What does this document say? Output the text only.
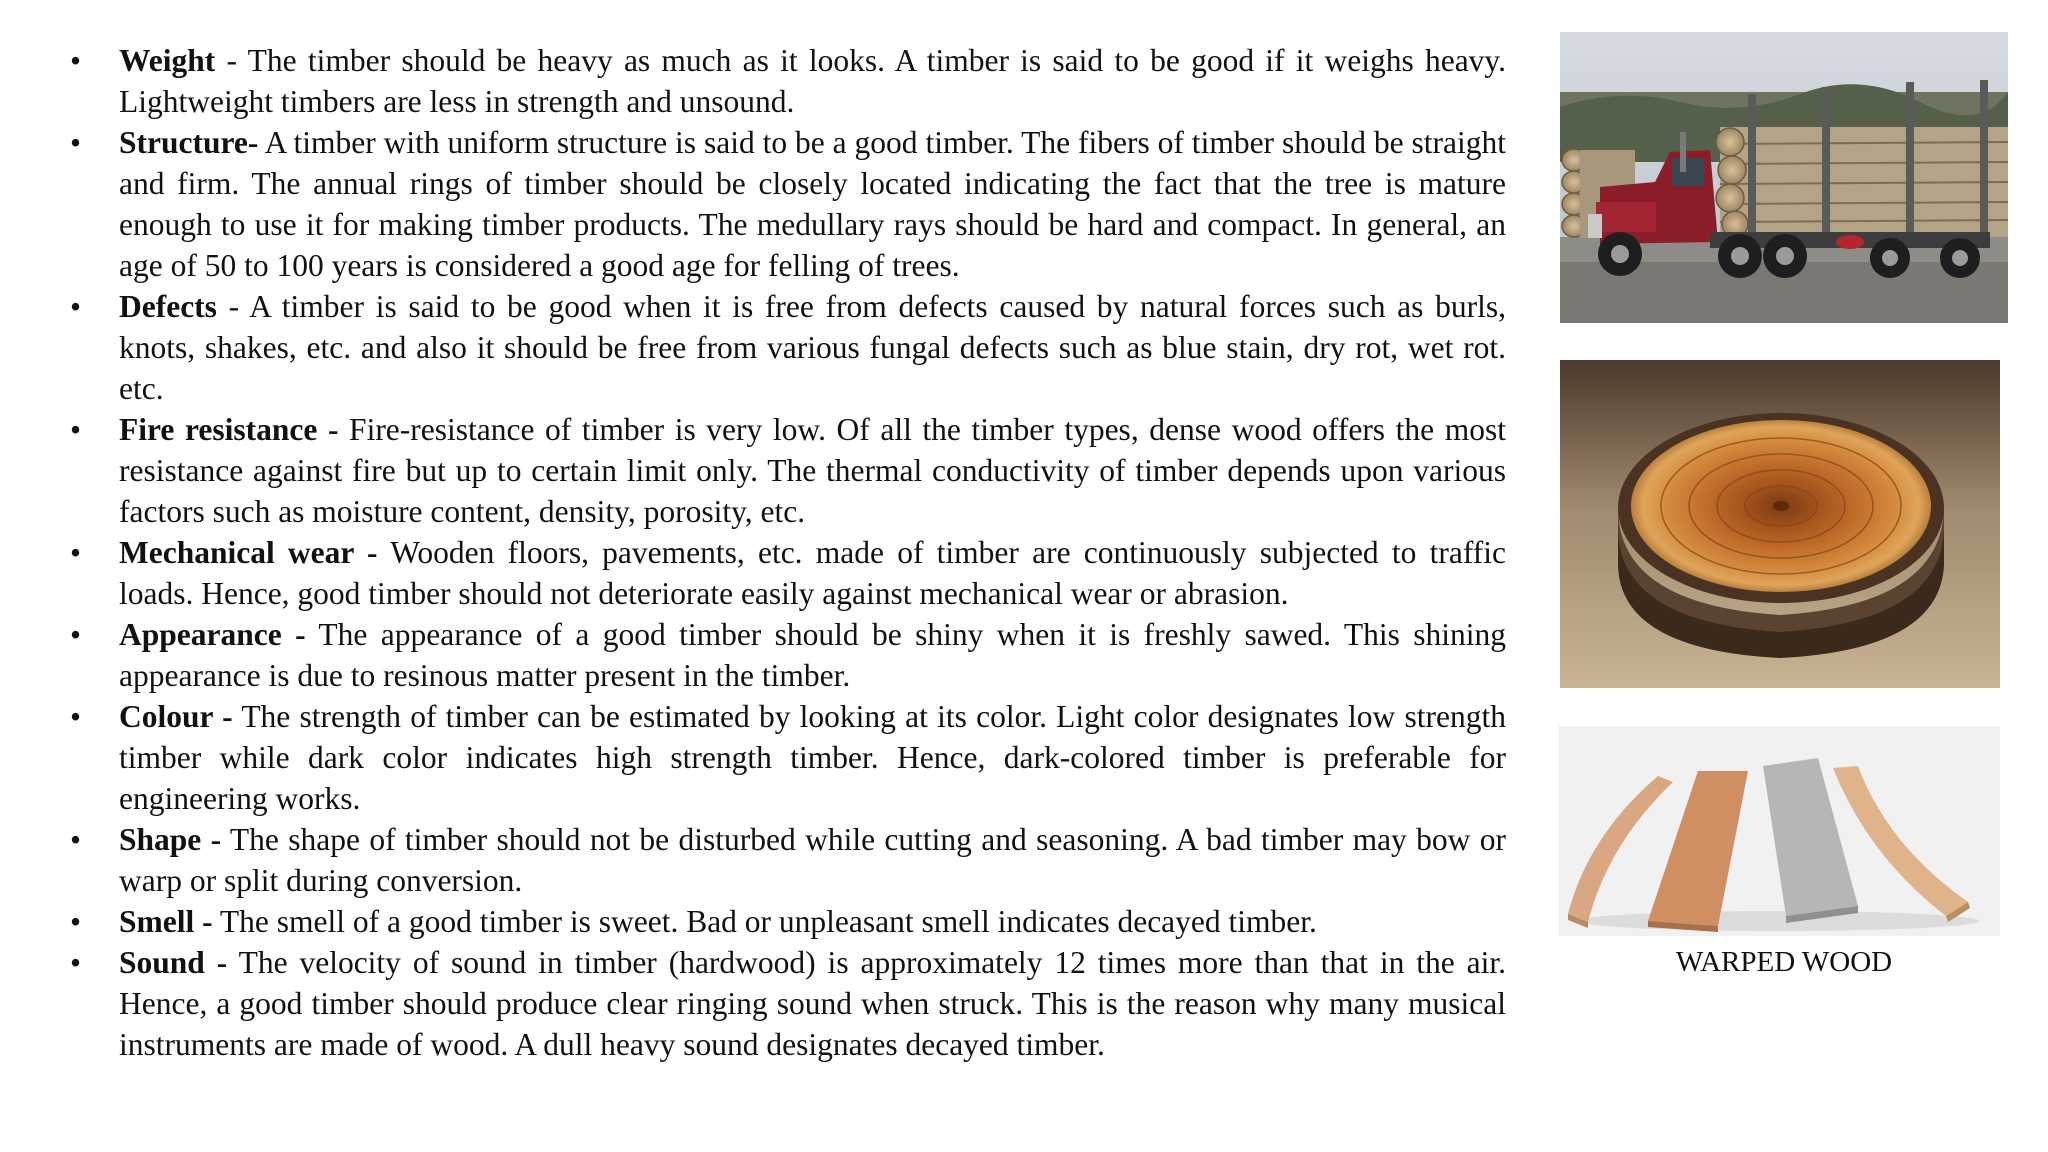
•	Weight - The timber should be heavy as much as it looks. A timber is said to be good if it weighs heavy. Lightweight timbers are less in strength and unsound.
•	Structure- A timber with uniform structure is said to be a good timber. The fibers of timber should be straight and firm. The annual rings of timber should be closely located indicating the fact that the tree is mature enough to use it for making timber products. The medullary rays should be hard and compact. In general, an age of 50 to 100 years is considered a good age for felling of trees.
•	Defects - A timber is said to be good when it is free from defects caused by natural forces such as burls, knots, shakes, etc. and also it should be free from various fungal defects such as blue stain, dry rot, wet rot. etc.
•	Fire resistance - Fire-resistance of timber is very low. Of all the timber types, dense wood offers the most resistance against fire but up to certain limit only. The thermal conductivity of timber depends upon various factors such as moisture content, density, porosity, etc.
•	Mechanical wear - Wooden floors, pavements, etc. made of timber are continuously subjected to traffic loads. Hence, good timber should not deteriorate easily against mechanical wear or abrasion.
•	Appearance - The appearance of a good timber should be shiny when it is freshly sawed. This shining appearance is due to resinous matter present in the timber.
•	Colour - The strength of timber can be estimated by looking at its color. Light color designates low strength timber while dark color indicates high strength timber. Hence, dark-colored timber is preferable for engineering works.
•	Shape - The shape of timber should not be disturbed while cutting and seasoning. A bad timber may bow or warp or split during conversion.
•	Smell - The smell of a good timber is sweet. Bad or unpleasant smell indicates decayed timber.
•	Sound - The velocity of sound in timber (hardwood) is approximately 12 times more than that in the air. Hence, a good timber should produce clear ringing sound when struck. This is the reason why many musical instruments are made of wood. A dull heavy sound designates decayed timber.
WARPED WOOD
